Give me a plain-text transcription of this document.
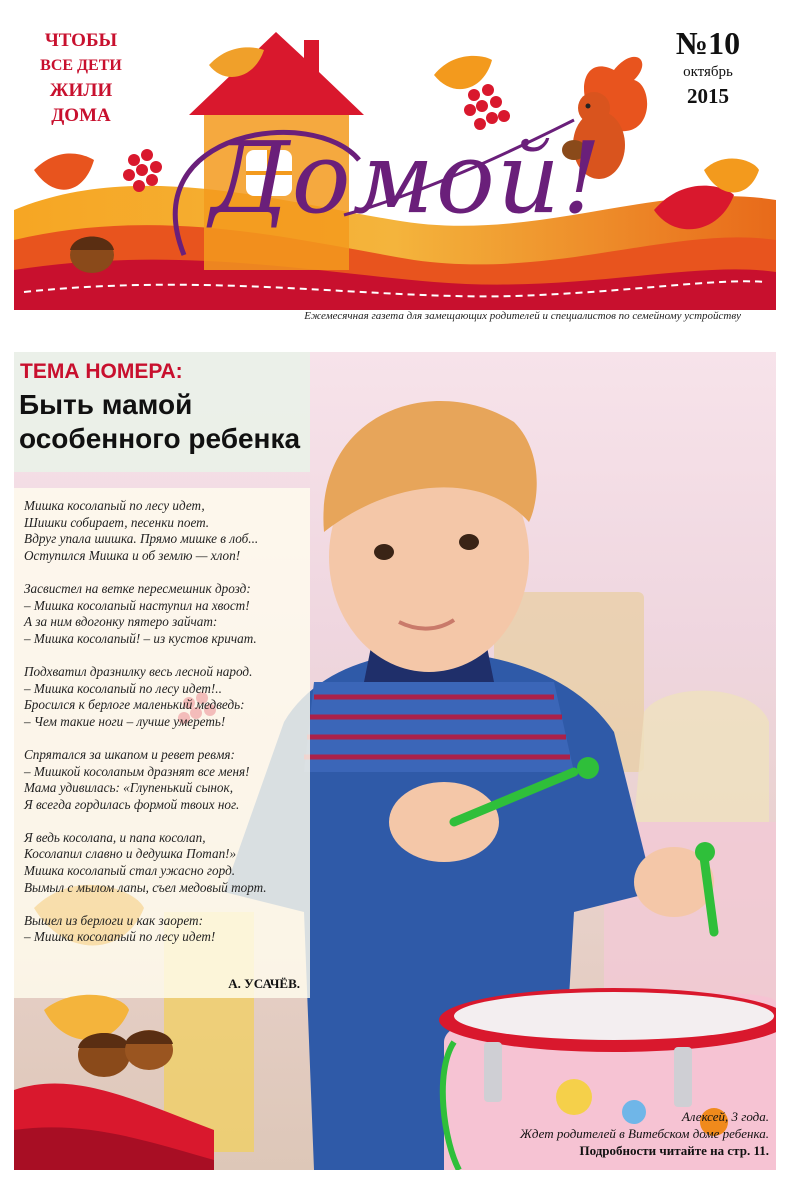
ЧТОБЫ
ВСЕ ДЕТИ
ЖИЛИ
ДОМА
Домой!
№10
октябрь
2015
Ежемесячная газета для замещающих родителей и специалистов по семейному устройству
ТЕМА НОМЕРА:
Быть мамой
особенного ребенка
Мишка косолапый по лесу идет,
Шишки собирает, песенки поет.
Вдруг упала шишка. Прямо мишке в лоб...
Оступился Мишка и об землю — хлоп!
Засвистел на ветке пересмешник дрозд:
– Мишка косолапый наступил на хвост!
А за ним вдогонку пятеро зайчат:
– Мишка косолапый! – из кустов кричат.
Подхватил дразнилку весь лесной народ.
– Мишка косолапый по лесу идет!..
Бросился к берлоге маленький медведь:
– Чем такие ноги – лучше умереть!
Спрятался за шкапом и ревет ревмя:
– Мишкой косолапым дразнят все меня!
Мама удивилась: «Глупенький сынок,
Я всегда гордилась формой твоих ног.
Я ведь косолапа, и папа косолап,
Косолапил славно и дедушка Потап!»
Мишка косолапый стал ужасно горд.
Вымыл с мылом лапы, съел медовый торт.
Вышел из берлоги и как заорет:
– Мишка косолапый по лесу идет!
А. УСАЧЁВ.
Алексей, 3 года.
Ждет родителей в Витебском доме ребенка.
Подробности читайте на стр. 11.
